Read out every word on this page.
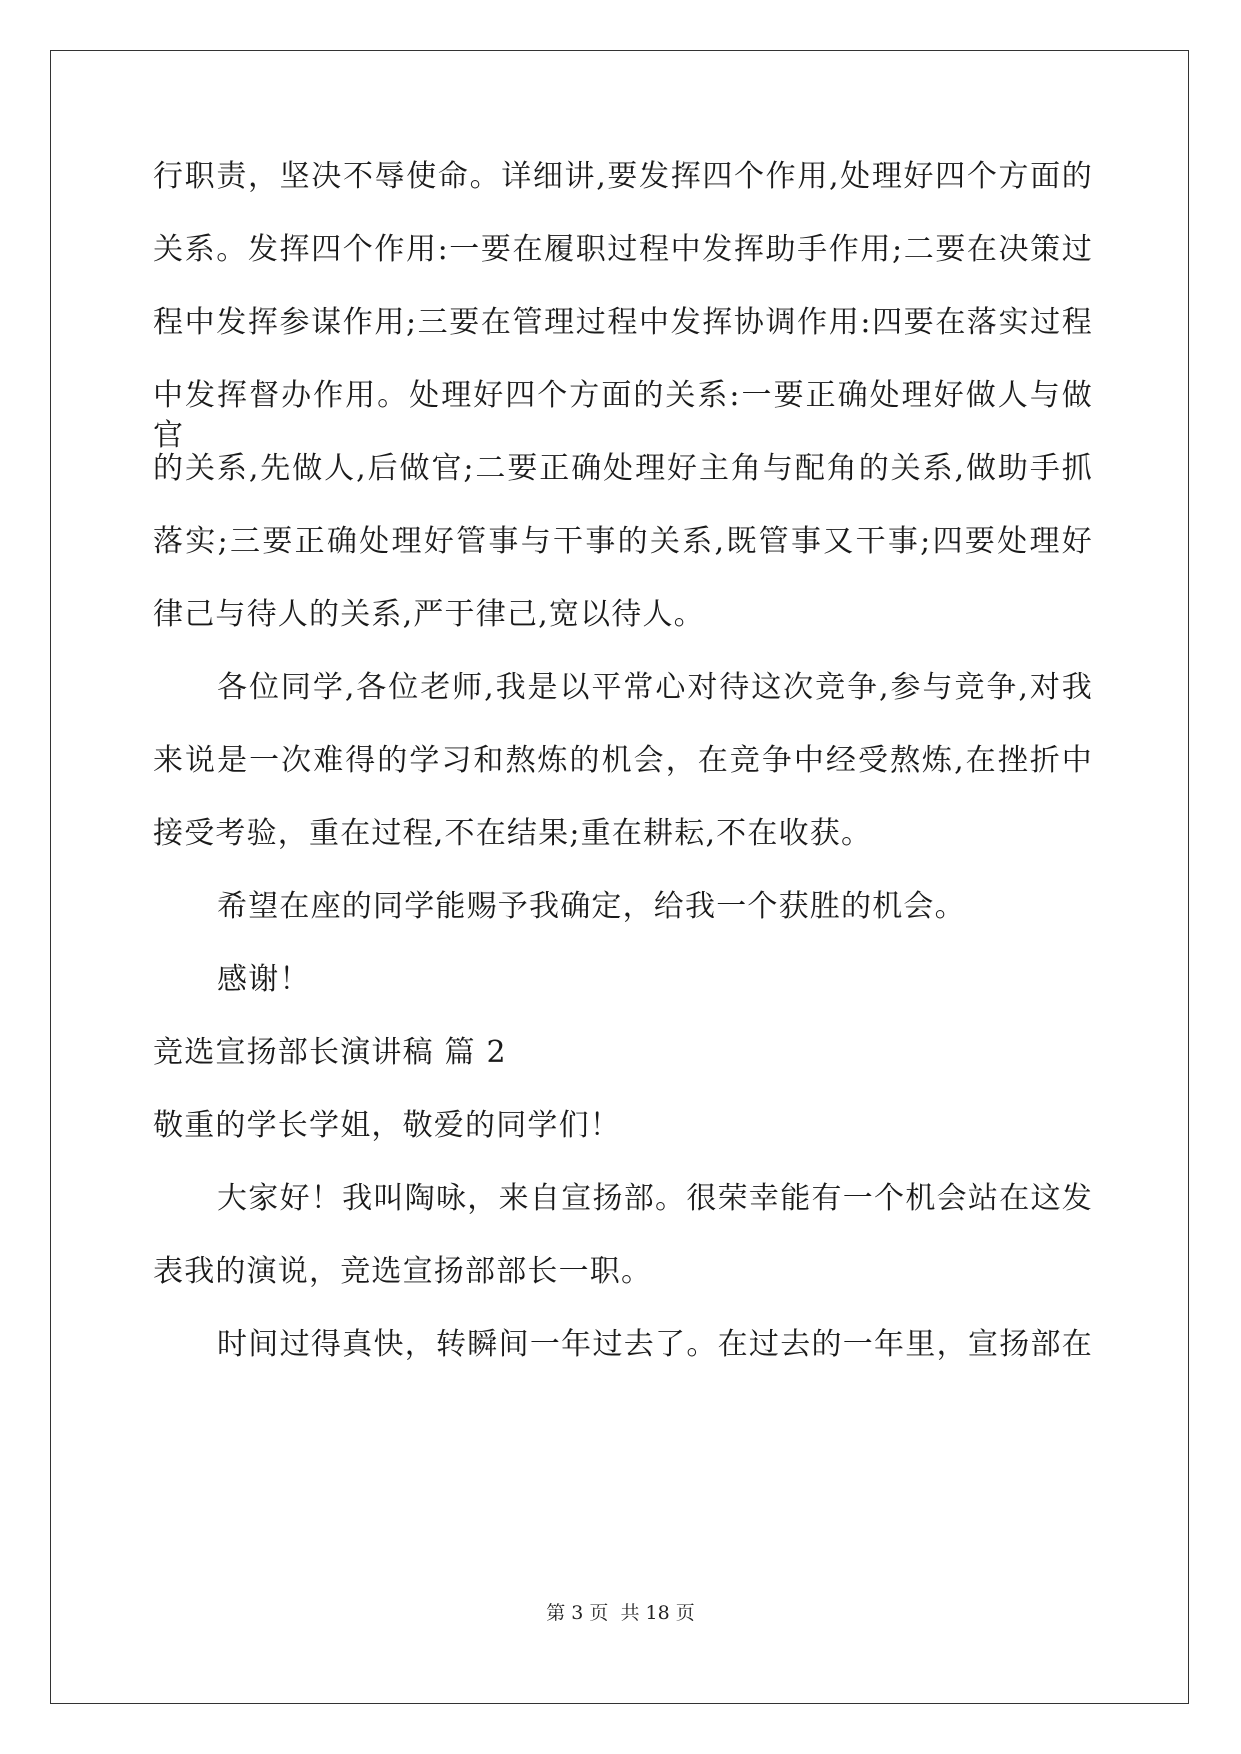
行职责，坚决不辱使命。详细讲,要发挥四个作用,处理好四个方面的

关系。发挥四个作用:一要在履职过程中发挥助手作用;二要在决策过

程中发挥参谋作用;三要在管理过程中发挥协调作用:四要在落实过程

中发挥督办作用。处理好四个方面的关系:一要正确处理好做人与做官

的关系,先做人,后做官;二要正确处理好主角与配角的关系,做助手抓

落实;三要正确处理好管事与干事的关系,既管事又干事;四要处理好

律己与待人的关系,严于律己,宽以待人。

各位同学,各位老师,我是以平常心对待这次竞争,参与竞争,对我

来说是一次难得的学习和熬炼的机会，在竞争中经受熬炼,在挫折中

接受考验，重在过程,不在结果;重在耕耘,不在收获。

希望在座的同学能赐予我确定，给我一个获胜的机会。

感谢！

竞选宣扬部长演讲稿 篇 2

敬重的学长学姐，敬爱的同学们！

大家好！我叫陶咏，来自宣扬部。很荣幸能有一个机会站在这发

表我的演说，竞选宣扬部部长一职。

时间过得真快，转瞬间一年过去了。在过去的一年里，宣扬部在

第 3 页 共 18 页
